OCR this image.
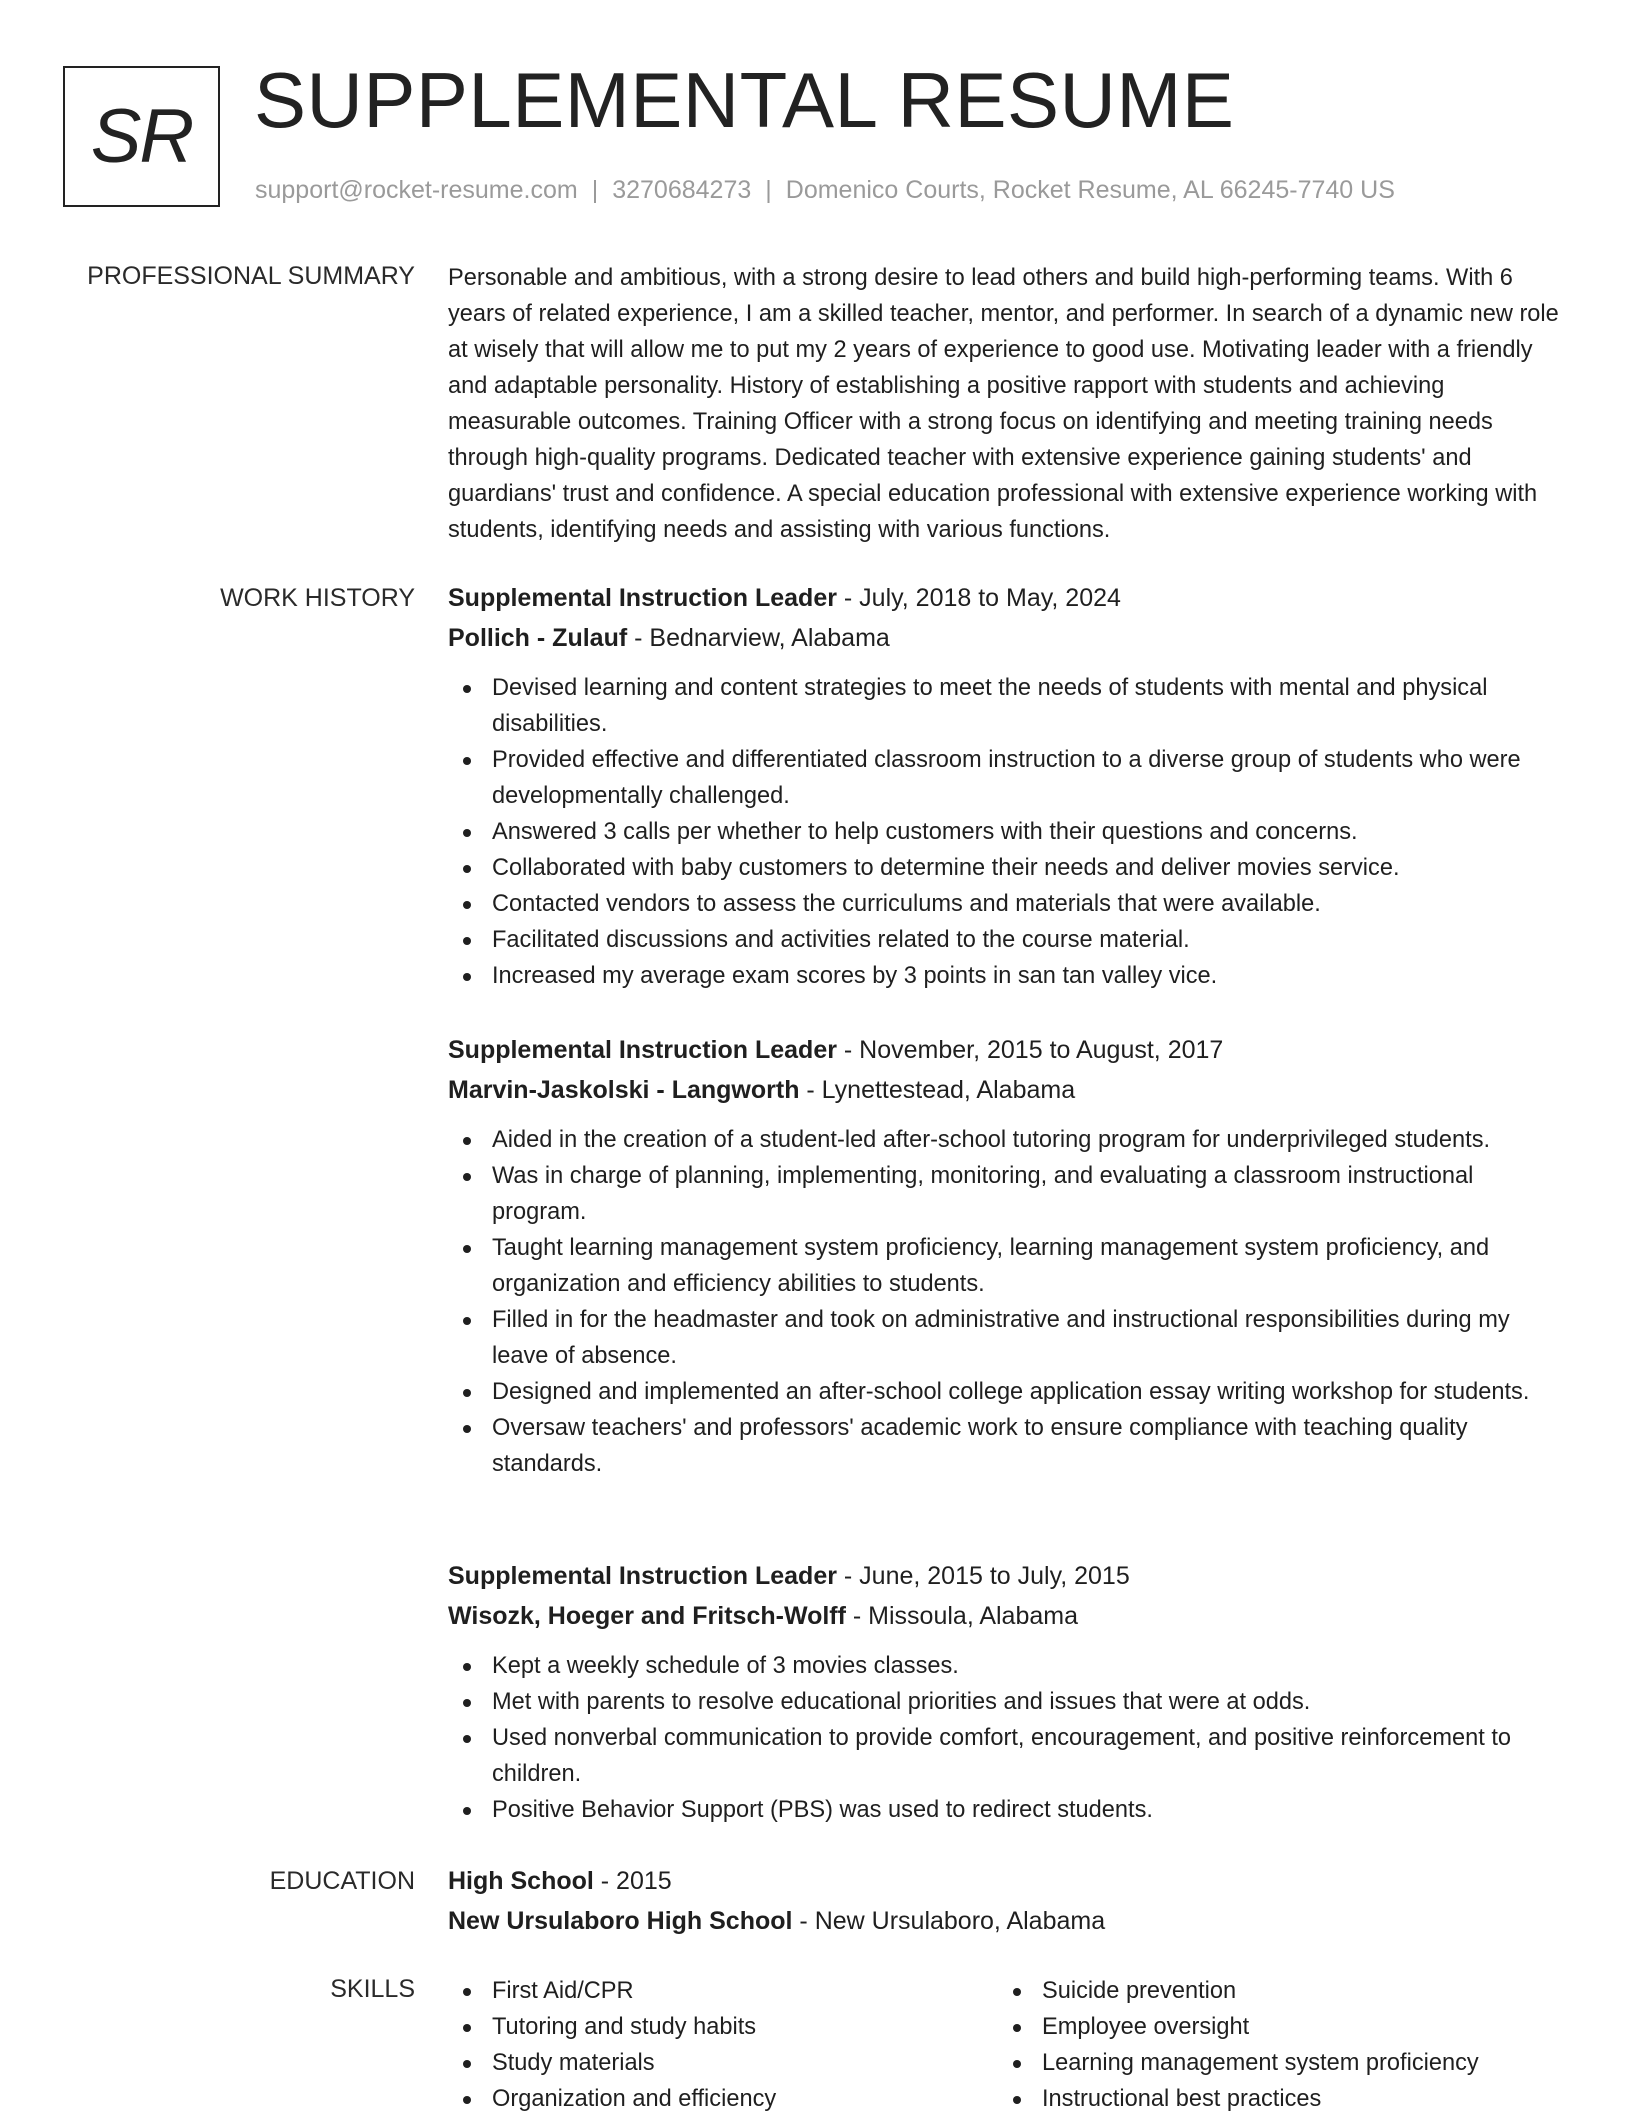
SR SUPPLEMENTAL RESUME
support@rocket-resume.com | 3270684273 | Domenico Courts, Rocket Resume, AL 66245-7740 US
PROFESSIONAL SUMMARY Personable and ambitious, with a strong desire to lead others and build high-performing teams. With 6 years of related experience, I am a skilled teacher, mentor, and performer. In search of a dynamic new role at wisely that will allow me to put my 2 years of experience to good use. Motivating leader with a friendly and adaptable personality. History of establishing a positive rapport with students and achieving measurable outcomes. Training Officer with a strong focus on identifying and meeting training needs through high-quality programs. Dedicated teacher with extensive experience gaining students' and guardians' trust and confidence. A special education professional with extensive experience working with students, identifying needs and assisting with various functions.

WORK HISTORY Supplemental Instruction Leader - July, 2018 to May, 2024
Pollich - Zulauf - Bednarview, Alabama
Devised learning and content strategies to meet the needs of students with mental and physical disabilities.
Provided effective and differentiated classroom instruction to a diverse group of students who were developmentally challenged.
Answered 3 calls per whether to help customers with their questions and concerns.
Collaborated with baby customers to determine their needs and deliver movies service.
Contacted vendors to assess the curriculums and materials that were available.
Facilitated discussions and activities related to the course material.
Increased my average exam scores by 3 points in san tan valley vice.
Supplemental Instruction Leader - November, 2015 to August, 2017
Marvin-Jaskolski - Langworth - Lynettestead, Alabama
Aided in the creation of a student-led after-school tutoring program for underprivileged students.
Was in charge of planning, implementing, monitoring, and evaluating a classroom instructional program.
Taught learning management system proficiency, learning management system proficiency, and organization and efficiency abilities to students.
Filled in for the headmaster and took on administrative and instructional responsibilities during my leave of absence.
Designed and implemented an after-school college application essay writing workshop for students.
Oversaw teachers' and professors' academic work to ensure compliance with teaching quality standards.
Supplemental Instruction Leader - June, 2015 to July, 2015
Wisozk, Hoeger and Fritsch-Wolff - Missoula, Alabama
Kept a weekly schedule of 3 movies classes.
Met with parents to resolve educational priorities and issues that were at odds.
Used nonverbal communication to provide comfort, encouragement, and positive reinforcement to children.
Positive Behavior Support (PBS) was used to redirect students.
EDUCATION High School - 2015
New Ursulaboro High School - New Ursulaboro, Alabama
SKILLS	First Aid/CPR
Tutoring and study habits
Study materials
Organization and efficiency
Suicide prevention
Employee oversight
Learning management system proficiency
Instructional best practices
